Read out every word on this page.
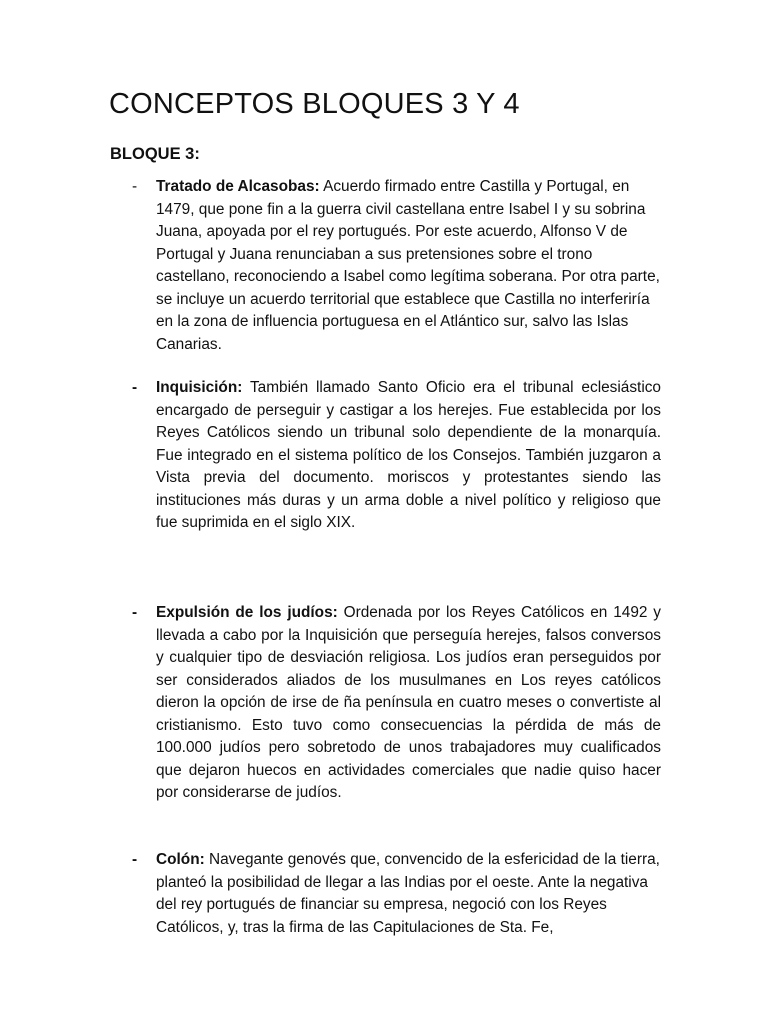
CONCEPTOS BLOQUES 3 Y 4
BLOQUE 3:
-	Tratado de Alcasobas: Acuerdo firmado entre Castilla y Portugal, en 1479, que pone fin a la guerra civil castellana entre Isabel I y su sobrina Juana, apoyada por el rey portugués. Por este acuerdo, Alfonso V de Portugal y Juana renunciaban a sus pretensiones sobre el trono castellano, reconociendo a Isabel como legítima soberana. Por otra parte, se incluye un acuerdo territorial que establece que Castilla no interferiría en la zona de influencia portuguesa en el Atlántico sur, salvo las Islas Canarias.
-	Inquisición: También llamado Santo Oficio era el tribunal eclesiástico encargado de perseguir y castigar a los herejes. Fue establecida por los Reyes Católicos siendo un tribunal solo dependiente de la monarquía. Fue integrado en el sistema político de los Consejos. También juzgaron a Vista previa del documento. moriscos y protestantes siendo las instituciones más duras y un arma doble a nivel político y religioso que fue suprimida en el siglo XIX.
-	Expulsión de los judíos: Ordenada por los Reyes Católicos en 1492 y llevada a cabo por la Inquisición que perseguía herejes, falsos conversos y cualquier tipo de desviación religiosa. Los judíos eran perseguidos por ser considerados aliados de los musulmanes en Los reyes católicos dieron la opción de irse de ña península en cuatro meses o convertiste al cristianismo. Esto tuvo como consecuencias la pérdida de más de 100.000 judíos pero sobretodo de unos trabajadores muy cualificados que dejaron huecos en actividades comerciales que nadie quiso hacer por considerarse de judíos.
-	Colón: Navegante genovés que, convencido de la esfericidad de la tierra, planteó la posibilidad de llegar a las Indias por el oeste. Ante la negativa del rey portugués de financiar su empresa, negoció con los Reyes Católicos, y, tras la firma de las Capitulaciones de Sta. Fe,
